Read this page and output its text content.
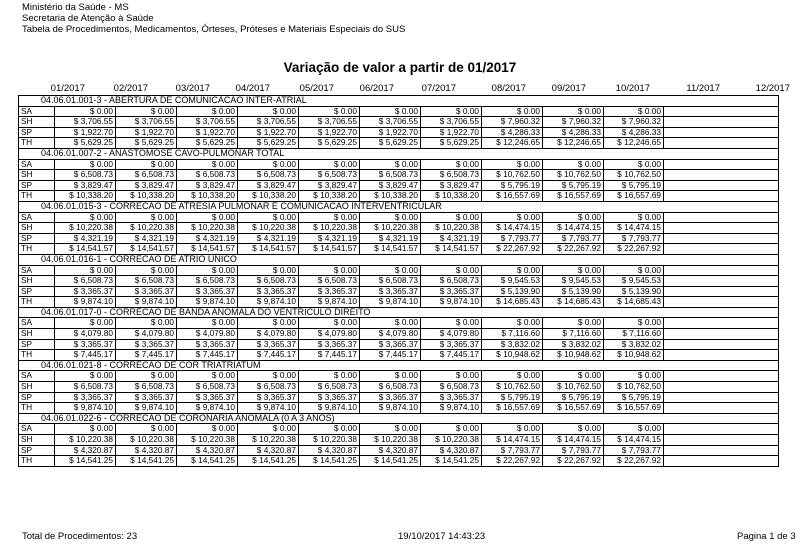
Ministério da Saúde - MS
Secretaria de Atenção à Saúde
Tabela de Procedimentos, Medicamentos, Órteses, Próteses e Materiais Especiais do SUS
Variação de valor a partir de 01/2017
01/2017	02/2017	03/2017	04/2017	05/2017	06/2017	07/2017	08/2017	09/2017	10/2017	11/2017	12/2017
04.06.01.001-3 - ABERTURA DE COMUNICACAO INTER-ATRIAL
SA	$ 0.00	$ 0.00	$ 0.00	$ 0.00	$ 0.00	$ 0.00	$ 0.00	$ 0.00	$ 0.00	$ 0.00
SH	$ 3,706.55	$ 3,706.55	$ 3,706.55	$ 3,706.55	$ 3,706.55	$ 3,706.55	$ 3,706.55	$ 7,960.32	$ 7,960.32	$ 7,960.32
SP	$ 1,922.70	$ 1,922.70	$ 1,922.70	$ 1,922.70	$ 1,922.70	$ 1,922.70	$ 1,922.70	$ 4,286.33	$ 4,286.33	$ 4,286.33
TH	$ 5,629.25	$ 5,629.25	$ 5,629.25	$ 5,629.25	$ 5,629.25	$ 5,629.25	$ 5,629.25	$ 12,246.65	$ 12,246.65	$ 12,246.65
04.06.01.007-2 - ANASTOMOSE CAVO-PULMONAR TOTAL
SA	$ 0.00	$ 0.00	$ 0.00	$ 0.00	$ 0.00	$ 0.00	$ 0.00	$ 0.00	$ 0.00	$ 0.00
SH	$ 6,508.73	$ 6,508.73	$ 6,508.73	$ 6,508.73	$ 6,508.73	$ 6,508.73	$ 6,508.73	$ 10,762.50	$ 10,762.50	$ 10,762.50
SP	$ 3,829.47	$ 3,829.47	$ 3,829.47	$ 3,829.47	$ 3,829.47	$ 3,829.47	$ 3,829.47	$ 5,795.19	$ 5,795.19	$ 5,795.19
TH	$ 10,338.20	$ 10,338.20	$ 10,338.20	$ 10,338.20	$ 10,338.20	$ 10,338.20	$ 10,338.20	$ 16,557.69	$ 16,557.69	$ 16,557.69
04.06.01.015-3 - CORRECAO DE ATRESIA PULMONAR E COMUNICACAO INTERVENTRICULAR
SA	$ 0.00	$ 0.00	$ 0.00	$ 0.00	$ 0.00	$ 0.00	$ 0.00	$ 0.00	$ 0.00	$ 0.00
SH	$ 10,220.38	$ 10,220.38	$ 10,220.38	$ 10,220.38	$ 10,220.38	$ 10,220.38	$ 10,220.38	$ 14,474.15	$ 14,474.15	$ 14,474.15
SP	$ 4,321.19	$ 4,321.19	$ 4,321.19	$ 4,321.19	$ 4,321.19	$ 4,321.19	$ 4,321.19	$ 7,793.77	$ 7,793.77	$ 7,793.77
TH	$ 14,541.57	$ 14,541.57	$ 14,541.57	$ 14,541.57	$ 14,541.57	$ 14,541.57	$ 14,541.57	$ 22,267.92	$ 22,267.92	$ 22,267.92
04.06.01.016-1 - CORRECAO DE ATRIO UNICO
SA	$ 0.00	$ 0.00	$ 0.00	$ 0.00	$ 0.00	$ 0.00	$ 0.00	$ 0.00	$ 0.00	$ 0.00
SH	$ 6,508.73	$ 6,508.73	$ 6,508.73	$ 6,508.73	$ 6,508.73	$ 6,508.73	$ 6,508.73	$ 9,545.53	$ 9,545.53	$ 9,545.53
SP	$ 3,365.37	$ 3,365.37	$ 3,365.37	$ 3,365.37	$ 3,365.37	$ 3,365.37	$ 3,365.37	$ 5,139.90	$ 5,139.90	$ 5,139.90
TH	$ 9,874.10	$ 9,874.10	$ 9,874.10	$ 9,874.10	$ 9,874.10	$ 9,874.10	$ 9,874.10	$ 14,685.43	$ 14,685.43	$ 14,685.43
04.06.01.017-0 - CORRECAO DE BANDA ANOMALA DO VENTRICULO DIREITO
SA	$ 0.00	$ 0.00	$ 0.00	$ 0.00	$ 0.00	$ 0.00	$ 0.00	$ 0.00	$ 0.00	$ 0.00
SH	$ 4,079.80	$ 4,079.80	$ 4,079.80	$ 4,079.80	$ 4,079.80	$ 4,079.80	$ 4,079.80	$ 7,116.60	$ 7,116.60	$ 7,116.60
SP	$ 3,365.37	$ 3,365.37	$ 3,365.37	$ 3,365.37	$ 3,365.37	$ 3,365.37	$ 3,365.37	$ 3,832.02	$ 3,832.02	$ 3,832.02
TH	$ 7,445.17	$ 7,445.17	$ 7,445.17	$ 7,445.17	$ 7,445.17	$ 7,445.17	$ 7,445.17	$ 10,948.62	$ 10,948.62	$ 10,948.62
04.06.01.021-8 - CORRECAO DE COR TRIATRIATUM
SA	$ 0.00	$ 0.00	$ 0.00	$ 0.00	$ 0.00	$ 0.00	$ 0.00	$ 0.00	$ 0.00	$ 0.00
SH	$ 6,508.73	$ 6,508.73	$ 6,508.73	$ 6,508.73	$ 6,508.73	$ 6,508.73	$ 6,508.73	$ 10,762.50	$ 10,762.50	$ 10,762.50
SP	$ 3,365.37	$ 3,365.37	$ 3,365.37	$ 3,365.37	$ 3,365.37	$ 3,365.37	$ 3,365.37	$ 5,795.19	$ 5,795.19	$ 5,795.19
TH	$ 9,874.10	$ 9,874.10	$ 9,874.10	$ 9,874.10	$ 9,874.10	$ 9,874.10	$ 9,874.10	$ 16,557.69	$ 16,557.69	$ 16,557.69
04.06.01.022-6 - CORRECAO DE CORONARIA ANOMALA (0 A 3 ANOS)
SA	$ 0.00	$ 0.00	$ 0.00	$ 0.00	$ 0.00	$ 0.00	$ 0.00	$ 0.00	$ 0.00	$ 0.00
SH	$ 10,220.38	$ 10,220.38	$ 10,220.38	$ 10,220.38	$ 10,220.38	$ 10,220.38	$ 10,220.38	$ 14,474.15	$ 14,474.15	$ 14,474.15
SP	$ 4,320.87	$ 4,320.87	$ 4,320.87	$ 4,320.87	$ 4,320.87	$ 4,320.87	$ 4,320.87	$ 7,793.77	$ 7,793.77	$ 7,793.77
TH	$ 14,541.25	$ 14,541.25	$ 14,541.25	$ 14,541.25	$ 14,541.25	$ 14,541.25	$ 14,541.25	$ 22,267.92	$ 22,267.92	$ 22,267.92
Total de Procedimentos: 23	19/10/2017 14:43:23	Pagina 1 de 3
